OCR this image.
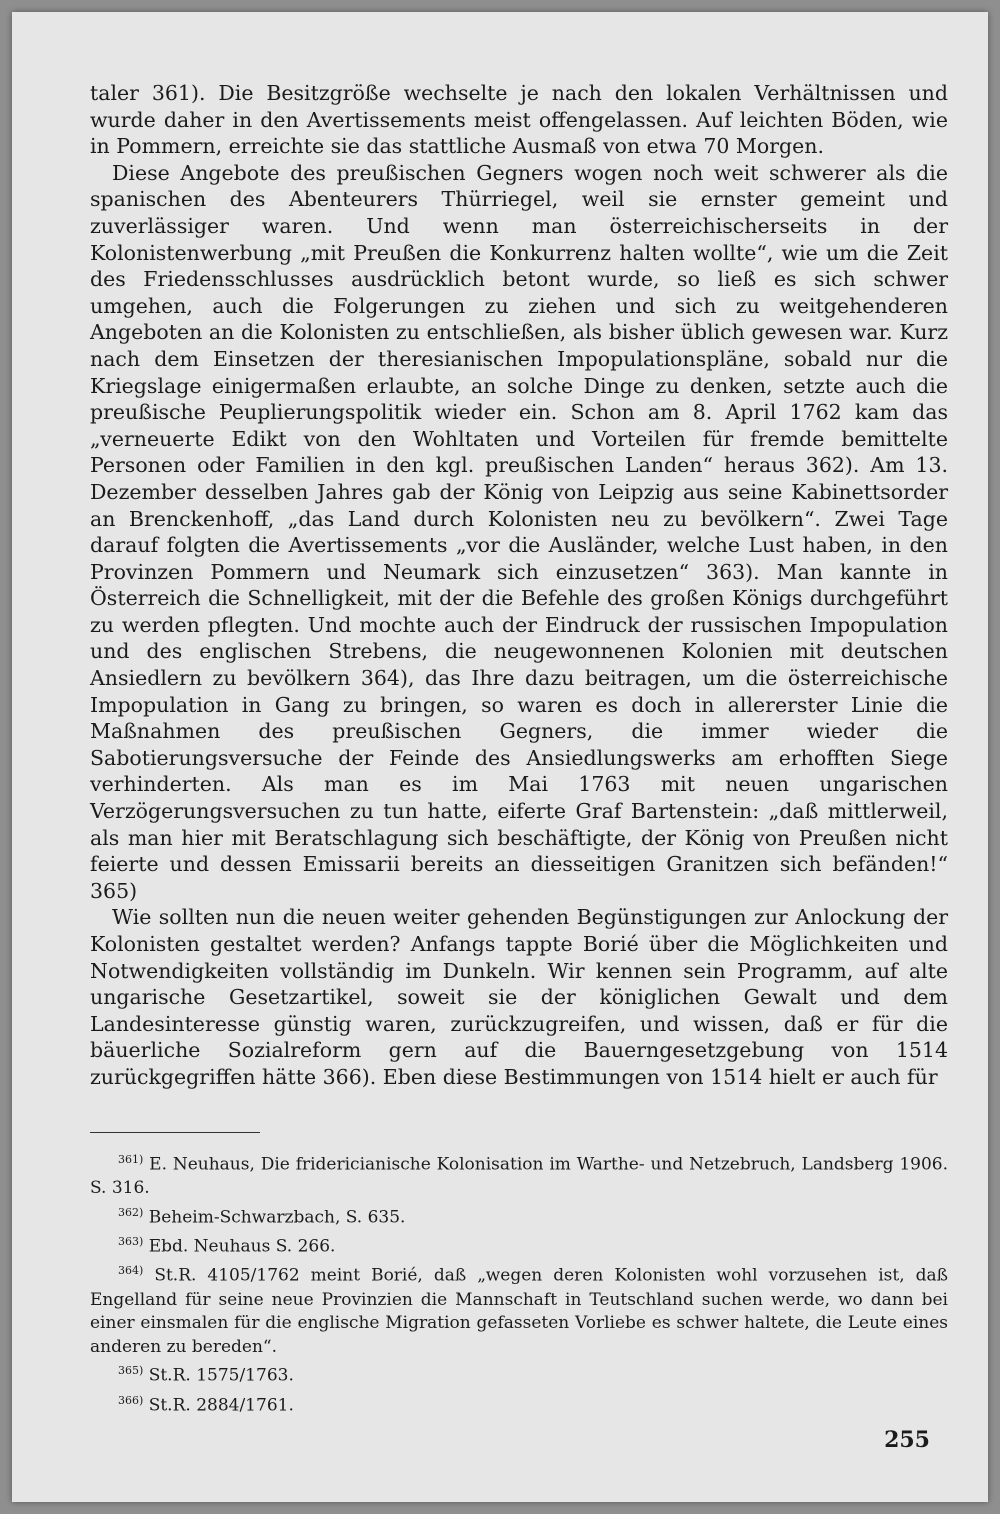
taler 361). Die Besitzgröße wechselte je nach den lokalen Verhältnissen und wurde daher in den Avertissements meist offengelassen. Auf leichten Böden, wie in Pommern, erreichte sie das stattliche Ausmaß von etwa 70 Morgen.

Diese Angebote des preußischen Gegners wogen noch weit schwerer als die spanischen des Abenteurers Thürriegel, weil sie ernster gemeint und zuverlässiger waren. Und wenn man österreichischerseits in der Kolonistenwerbung „mit Preußen die Konkurrenz halten wollte“, wie um die Zeit des Friedensschlusses ausdrücklich betont wurde, so ließ es sich schwer umgehen, auch die Folgerungen zu ziehen und sich zu weitgehenderen Angeboten an die Kolonisten zu entschließen, als bisher üblich gewesen war. Kurz nach dem Einsetzen der theresianischen Impopulationspläne, sobald nur die Kriegslage einigermaßen erlaubte, an solche Dinge zu denken, setzte auch die preußische Peuplierungspolitik wieder ein. Schon am 8. April 1762 kam das „verneuerte Edikt von den Wohltaten und Vorteilen für fremde bemittelte Personen oder Familien in den kgl. preußischen Landen“ heraus 362). Am 13. Dezember desselben Jahres gab der König von Leipzig aus seine Kabinettsorder an Brenckenhoff, „das Land durch Kolonisten neu zu bevölkern“. Zwei Tage darauf folgten die Avertissements „vor die Ausländer, welche Lust haben, in den Provinzen Pommern und Neumark sich einzusetzen“ 363). Man kannte in Österreich die Schnelligkeit, mit der die Befehle des großen Königs durchgeführt zu werden pflegten. Und mochte auch der Eindruck der russischen Impopulation und des englischen Strebens, die neugewonnenen Kolonien mit deutschen Ansiedlern zu bevölkern 364), das Ihre dazu beitragen, um die österreichische Impopulation in Gang zu bringen, so waren es doch in allererster Linie die Maßnahmen des preußischen Gegners, die immer wieder die Sabotierungsversuche der Feinde des Ansiedlungswerks am erhofften Siege verhinderten. Als man es im Mai 1763 mit neuen ungarischen Verzögerungsversuchen zu tun hatte, eiferte Graf Bartenstein: „daß mittlerweil, als man hier mit Beratschlagung sich beschäftigte, der König von Preußen nicht feierte und dessen Emissarii bereits an diesseitigen Granitzen sich befänden!“ 365)

Wie sollten nun die neuen weiter gehenden Begünstigungen zur Anlockung der Kolonisten gestaltet werden? Anfangs tappte Borié über die Möglichkeiten und Notwendigkeiten vollständig im Dunkeln. Wir kennen sein Programm, auf alte ungarische Gesetzartikel, soweit sie der königlichen Gewalt und dem Landesinteresse günstig waren, zurückzugreifen, und wissen, daß er für die bäuerliche Sozialreform gern auf die Bauerngesetzgebung von 1514 zurückgegriffen hätte 366). Eben diese Bestimmungen von 1514 hielt er auch für

$^{361)}$ E. Neuhaus, Die fridericianische Kolonisation im Warthe- und Netzebruch, Landsberg 1906. S. 316.

$^{362)}$ Beheim-Schwarzbach, S. 635.

$^{363)}$ Ebd. Neuhaus S. 266.

$^{364)}$ St.R. 4105/1762 meint Borié, daß „wegen deren Kolonisten wohl vorzusehen ist, daß Engelland für seine neue Provinzien die Mannschaft in Teutschland suchen werde, wo dann bei einer einsmalen für die englische Migration gefasseten Vorliebe es schwer haltete, die Leute eines anderen zu bereden“.

$^{365)}$ St.R. 1575/1763.

$^{366)}$ St.R. 2884/1761.

255
